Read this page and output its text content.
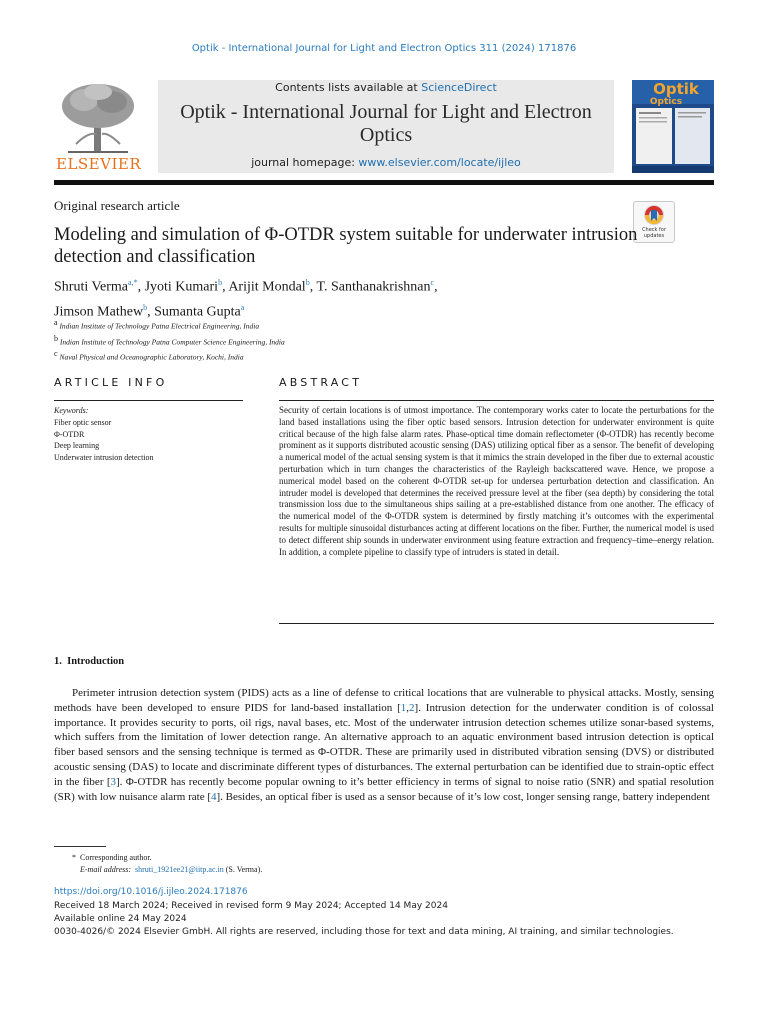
Optik - International Journal for Light and Electron Optics 311 (2024) 171876
ELSEVIER
Contents lists available at ScienceDirect
Optik - International Journal for Light and Electron Optics
journal homepage: www.elsevier.com/locate/ijleo
Optik
Optics
Original research article
Check for updates
Modeling and simulation of Φ-OTDR system suitable for underwater intrusion detection and classification
Shruti Verma$^{a,*}$, Jyoti Kumari$^b$, Arijit Mondal$^b$, T. Santhanakrishnan$^c$,
Jimson Mathew$^b$, Sumanta Gupta$^a$
$^a$ Indian Institute of Technology Patna Electrical Engineering, India
$^b$ Indian Institute of Technology Patna Computer Science Engineering, India
$^c$ Naval Physical and Oceanographic Laboratory, Kochi, India
ARTICLE INFO	ABSTRACT
Keywords:
Fiber optic sensor
Φ-OTDR
Deep learning
Underwater intrusion detection
Security of certain locations is of utmost importance. The contemporary works cater to locate the perturbations for the land based installations using the fiber optic based sensors. Intrusion detection for underwater environment is quite critical because of the high false alarm rates. Phase-optical time domain reflectometer (Φ-OTDR) has recently become prominent as it supports distributed acoustic sensing (DAS) utilizing optical fiber as a sensor. The benefit of developing a numerical model of the actual sensing system is that it mimics the strain developed in the fiber due to external acoustic perturbation which in turn changes the characteristics of the Rayleigh backscattered wave. Hence, we propose a numerical model based on the coherent Φ-OTDR set-up for undersea perturbation detection and classification. An intruder model is developed that determines the received pressure level at the fiber (sea depth) by considering the total transmission loss due to the simultaneous ships sailing at a pre-established distance from one another. The efficacy of the numerical model of the Φ-OTDR system is determined by firstly matching it’s outcomes with the experimental results for multiple sinusoidal disturbances acting at different locations on the fiber. Further, the numerical model is used to detect different ship sounds in underwater environment using feature extraction and frequency–time–energy relation. In addition, a complete pipeline to classify type of intruders is stated in detail.
1. Introduction
Perimeter intrusion detection system (PIDS) acts as a line of defense to critical locations that are vulnerable to physical attacks. Mostly, sensing methods have been developed to ensure PIDS for land-based installation [1,2]. Intrusion detection for the underwater condition is of colossal importance. It provides security to ports, oil rigs, naval bases, etc. Most of the underwater intrusion detection schemes utilize sonar-based systems, which suffers from the limitation of lower detection range. An alternative approach to an aquatic environment based intrusion detection is optical fiber based sensors and the sensing technique is termed as Φ-OTDR. These are primarily used in distributed vibration sensing (DVS) or distributed acoustic sensing (DAS) to locate and discriminate different types of disturbances. The external perturbation can be identified due to strain-optic effect in the fiber [3]. Φ-OTDR has recently become popular owning to it’s better efficiency in terms of signal to noise ratio (SNR) and spatial resolution (SR) with low nuisance alarm rate [4]. Besides, an optical fiber is used as a sensor because of it’s low cost, longer sensing range, battery independent
* Corresponding author.
E-mail address: shruti_1921ee21@iitp.ac.in (S. Verma).
https://doi.org/10.1016/j.ijleo.2024.171876
Received 18 March 2024; Received in revised form 9 May 2024; Accepted 14 May 2024
Available online 24 May 2024
0030-4026/© 2024 Elsevier GmbH. All rights are reserved, including those for text and data mining, AI training, and similar technologies.
